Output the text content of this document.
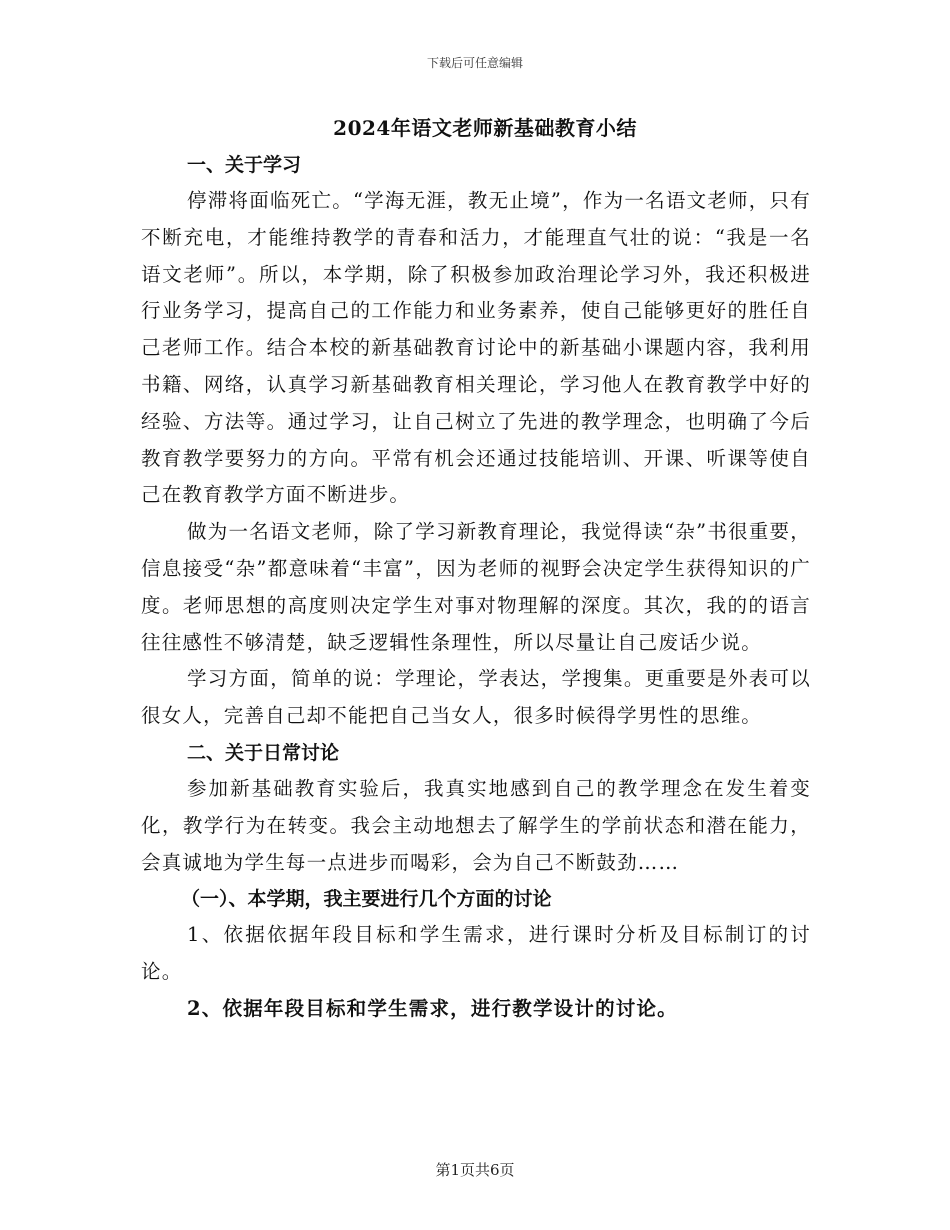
下载后可任意编辑
2024年语文老师新基础教育小结

一、关于学习

停滞将面临死亡。“学海无涯，教无止境”，作为一名语文老师，只有不断充电，才能维持教学的青春和活力，才能理直气壮的说：“我是一名语文老师”。所以，本学期，除了积极参加政治理论学习外，我还积极进行业务学习，提高自己的工作能力和业务素养，使自己能够更好的胜任自己老师工作。结合本校的新基础教育讨论中的新基础小课题内容，我利用书籍、网络，认真学习新基础教育相关理论，学习他人在教育教学中好的经验、方法等。通过学习，让自己树立了先进的教学理念，也明确了今后教育教学要努力的方向。平常有机会还通过技能培训、开课、听课等使自己在教育教学方面不断进步。

做为一名语文老师，除了学习新教育理论，我觉得读“杂”书很重要，信息接受“杂”都意味着“丰富”，因为老师的视野会决定学生获得知识的广度。老师思想的高度则决定学生对事对物理解的深度。其次，我的的语言往往感性不够清楚，缺乏逻辑性条理性，所以尽量让自己废话少说。

学习方面，简单的说：学理论，学表达，学搜集。更重要是外表可以很女人，完善自己却不能把自己当女人，很多时候得学男性的思维。

二、关于日常讨论

参加新基础教育实验后，我真实地感到自己的教学理念在发生着变化，教学行为在转变。我会主动地想去了解学生的学前状态和潜在能力，会真诚地为学生每一点进步而喝彩，会为自己不断鼓劲……

（一）、本学期，我主要进行几个方面的讨论

1、依据依据年段目标和学生需求，进行课时分析及目标制订的讨论。

2、依据年段目标和学生需求，进行教学设计的讨论。

第1页共6页
